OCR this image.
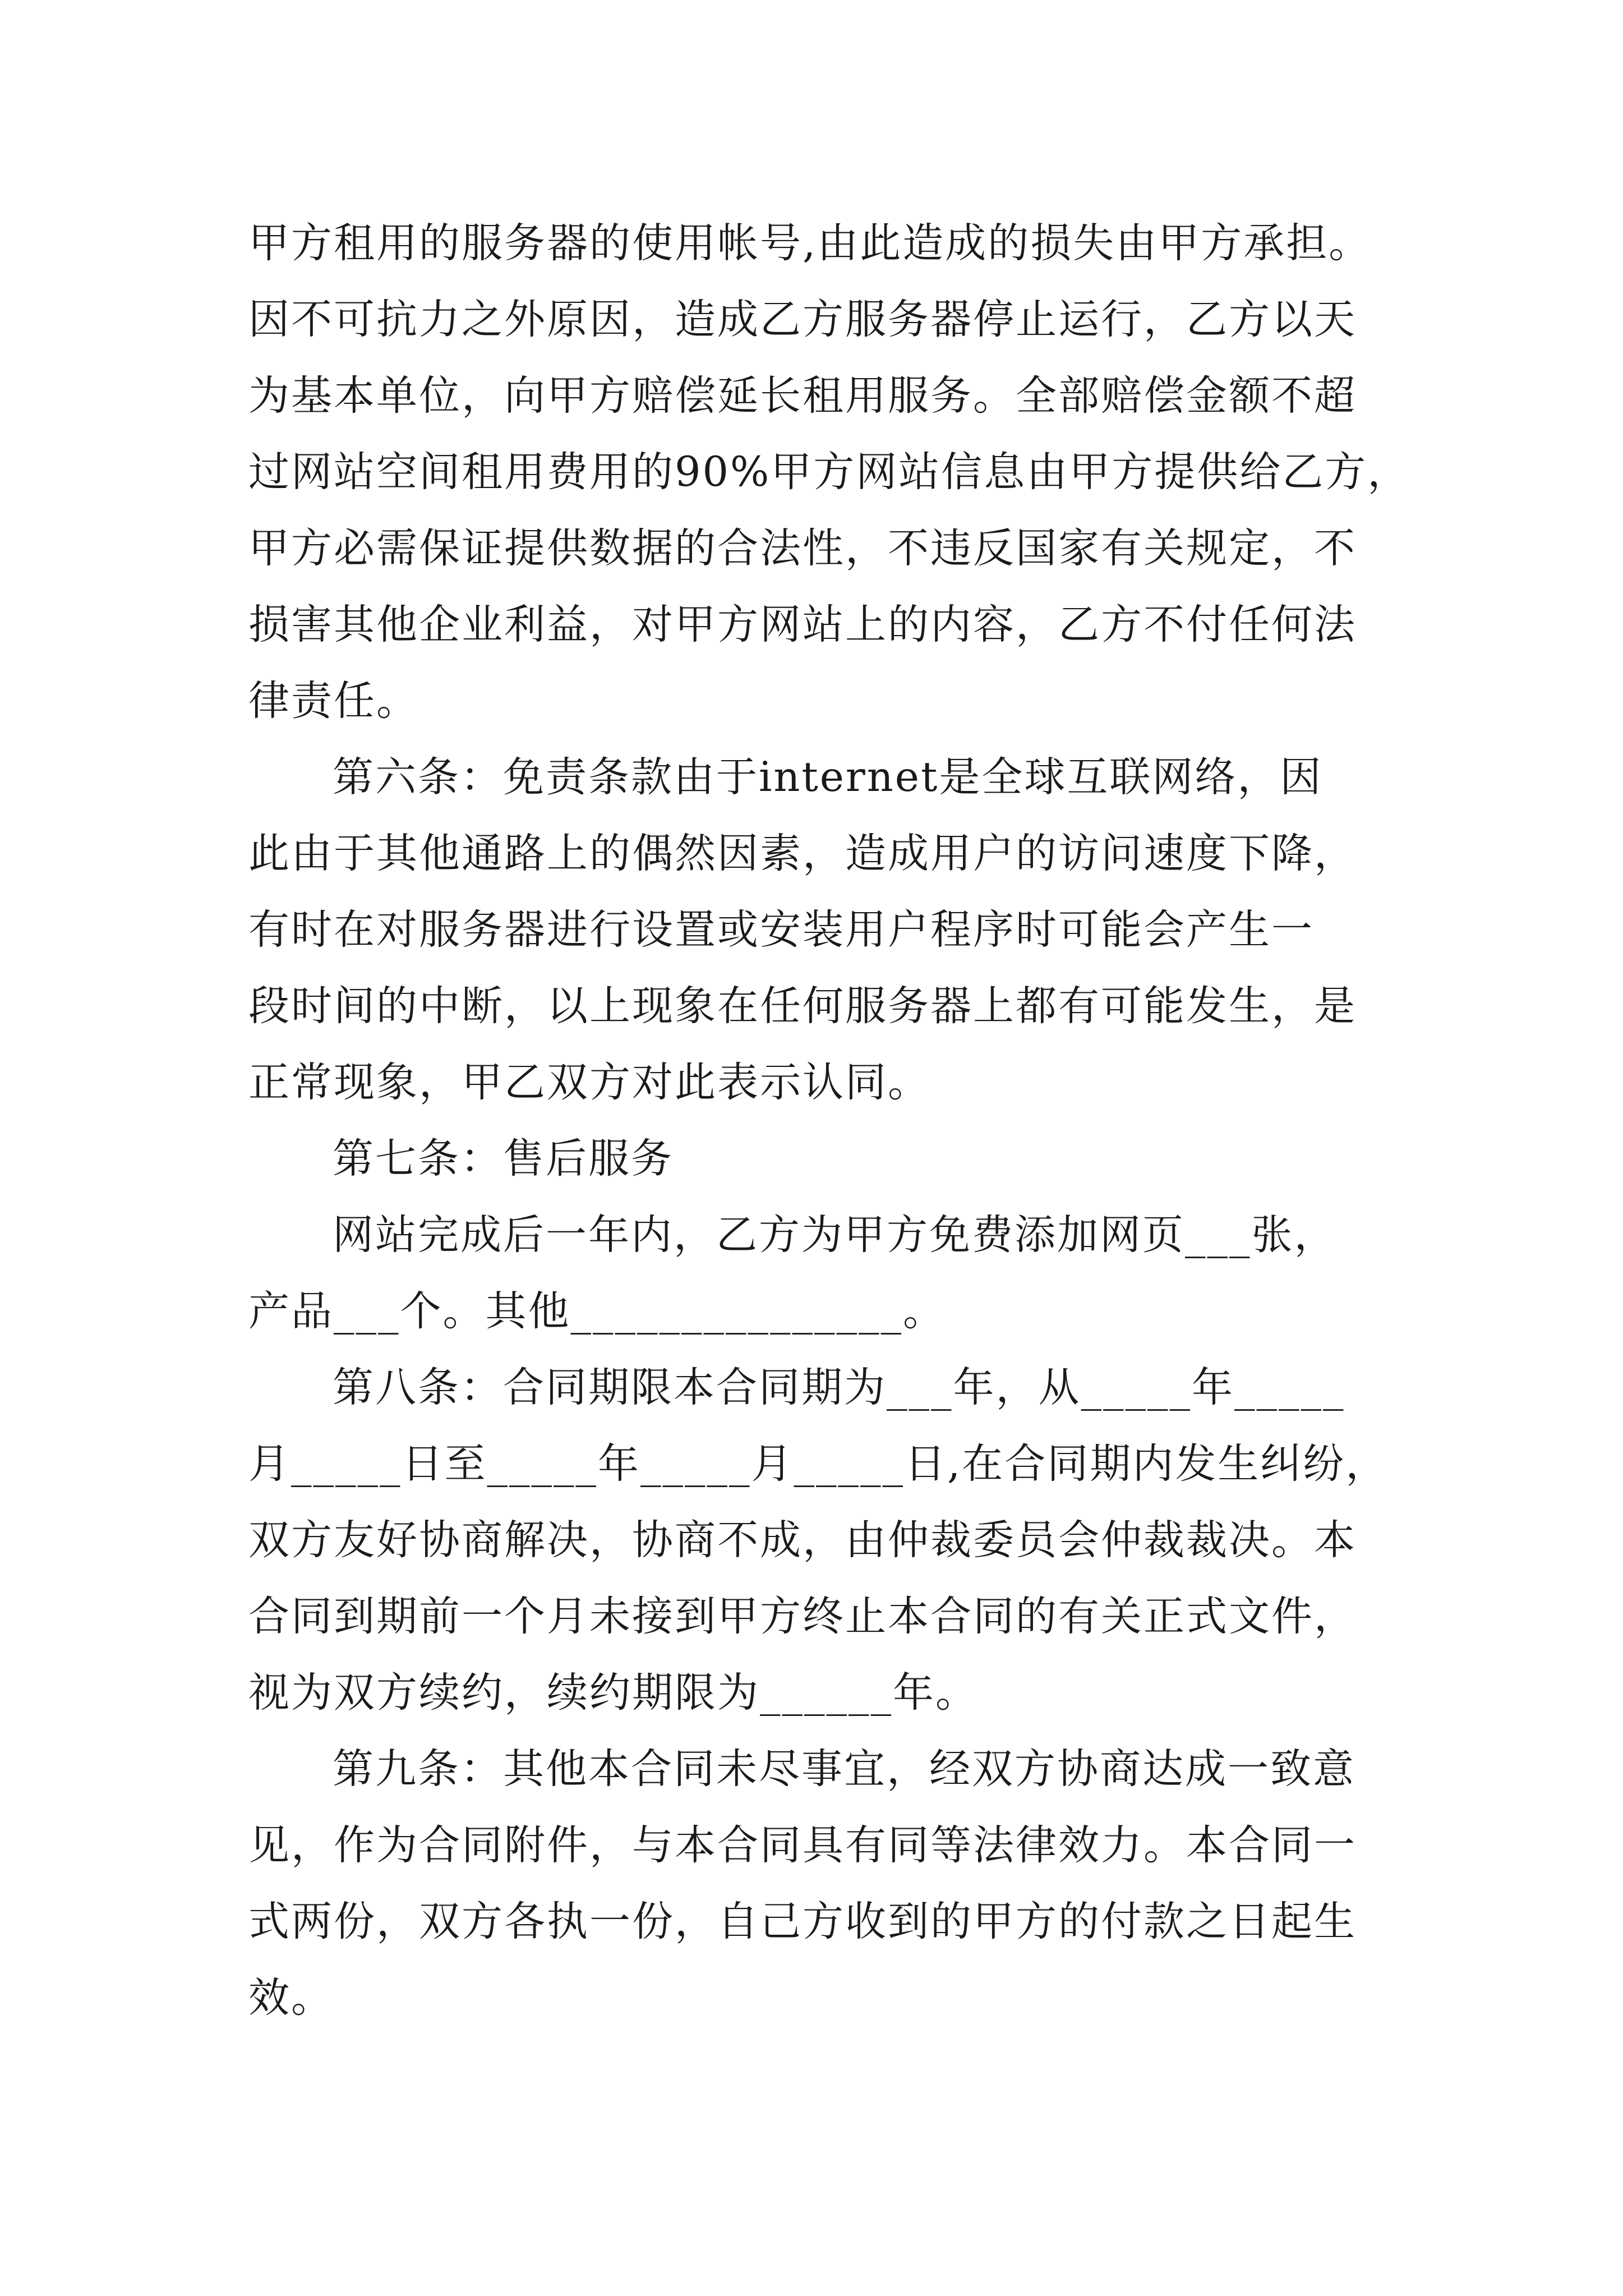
甲方租用的服务器的使用帐号,由此造成的损失由甲方承担。
因不可抗力之外原因，造成乙方服务器停止运行，乙方以天
为基本单位，向甲方赔偿延长租用服务。全部赔偿金额不超
过网站空间租用费用的90%甲方网站信息由甲方提供给乙方，
甲方必需保证提供数据的合法性，不违反国家有关规定，不
损害其他企业利益，对甲方网站上的内容，乙方不付任何法
律责任。
第六条：免责条款由于internet是全球互联网络，因
此由于其他通路上的偶然因素，造成用户的访问速度下降，
有时在对服务器进行设置或安装用户程序时可能会产生一
段时间的中断，以上现象在任何服务器上都有可能发生，是
正常现象，甲乙双方对此表示认同。
第七条：售后服务
网站完成后一年内，乙方为甲方免费添加网页___张，
产品___个。其他_______________。
第八条：合同期限本合同期为___年，从_____年_____
月_____日至_____年_____月_____日,在合同期内发生纠纷，
双方友好协商解决，协商不成，由仲裁委员会仲裁裁决。本
合同到期前一个月未接到甲方终止本合同的有关正式文件，
视为双方续约，续约期限为______年。
第九条：其他本合同未尽事宜，经双方协商达成一致意
见，作为合同附件，与本合同具有同等法律效力。本合同一
式两份，双方各执一份，自己方收到的甲方的付款之日起生
效。
